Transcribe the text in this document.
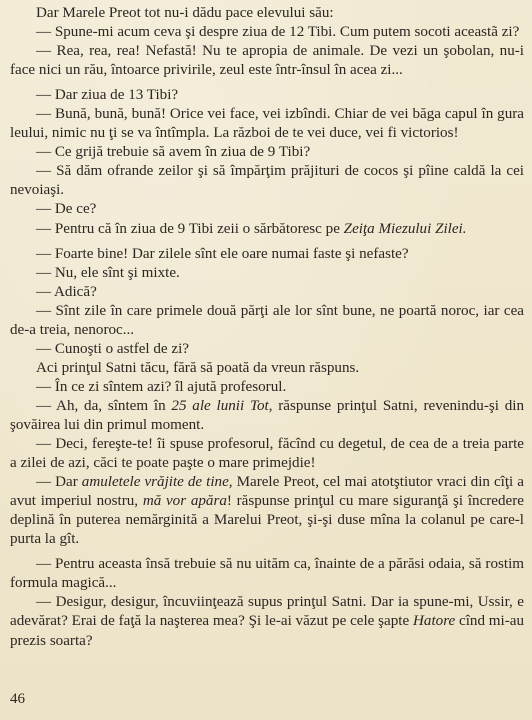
Dar Marele Preot tot nu-i dădu pace elevului său:

— Spune-mi acum ceva şi despre ziua de 12 Tibi. Cum putem socoti aceastã zi?

— Rea, rea, rea! Nefastă! Nu te apropia de animale. De vezi un şobolan, nu-i face nici un rău, întoarce privirile, zeul este într-însul în acea zi...

— Dar ziua de 13 Tibi?

— Bună, bună, bună! Orice vei face, vei izbîndi. Chiar de vei băga capul în gura leului, nimic nu ţi se va întîmpla. La război de te vei duce, vei fi victorios!

— Ce grijă trebuie să avem în ziua de 9 Tibi?

— Să dăm ofrande zeilor şi să împărţim prăjituri de cocos şi pîine caldă la cei nevoiaşi.

— De ce?

— Pentru că în ziua de 9 Tibi zeii o sărbătoresc pe Zeiţa Miezului Zilei.

— Foarte bine! Dar zilele sînt ele oare numai faste şi nefaste?

— Nu, ele sînt şi mixte.

— Adică?

— Sînt zile în care primele două părţi ale lor sînt bune, ne poartă noroc, iar cea de-a treia, nenoroc...

— Cunoşti o astfel de zi?

Aci prinţul Satni tăcu, fără să poată da vreun răspuns.

— În ce zi sîntem azi? îl ajută profesorul.

— Ah, da, sîntem în 25 ale lunii Tot, răspunse prinţul Satni, revenindu-şi din şovăirea lui din primul moment.

— Deci, fereşte-te! îi spuse profesorul, făcînd cu degetul, de cea de a treia parte a zilei de azi, căci te poate paşte o mare primejdie!

— Dar amuletele vrăjite de tine, Marele Preot, cel mai atotştiutor vraci din cîţi a avut imperiul nostru, mă vor apăra! răspunse prinţul cu mare siguranţă şi încredere deplină în puterea nemărginită a Marelui Preot, şi-şi duse mîna la colanul pe care-l purta la gît.

— Pentru aceasta însă trebuie să nu uităm ca, înainte de a părăsi odaia, să rostim formula magică...

— Desigur, desigur, încuviinţează supus prinţul Satni. Dar ia spune-mi, Ussir, e adevărat? Erai de faţă la naşterea mea? Şi le-ai văzut pe cele şapte Hatore cînd mi-au prezis soarta?

46
